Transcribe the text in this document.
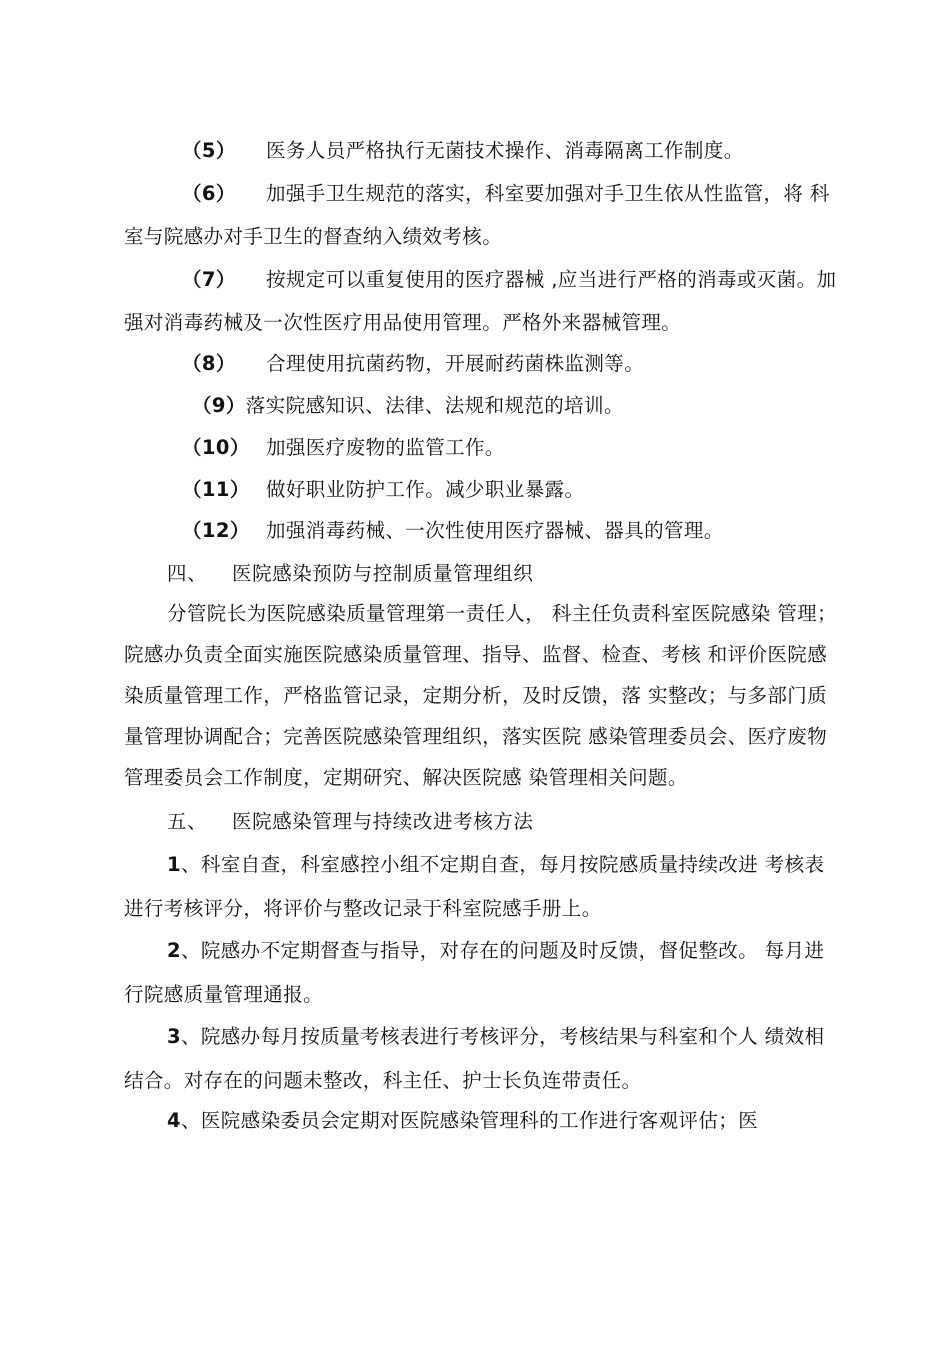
（5） 医务人员严格执行无菌技术操作、消毒隔离工作制度。
（6） 加强手卫生规范的落实，科室要加强对手卫生依从性监管，将 科
室与院感办对手卫生的督查纳入绩效考核。
（7） 按规定可以重复使用的医疗器械 ,应当进行严格的消毒或灭菌。加
强对消毒药械及一次性医疗用品使用管理。严格外来器械管理。
（8） 合理使用抗菌药物，开展耐药菌株监测等。
（9）落实院感知识、法律、法规和规范的培训。
（10） 加强医疗废物的监管工作。
（11） 做好职业防护工作。减少职业暴露。
（12） 加强消毒药械、一次性使用医疗器械、器具的管理。
四、 医院感染预防与控制质量管理组织
分管院长为医院感染质量管理第一责任人， 科主任负责科室医院感染 管理；
院感办负责全面实施医院感染质量管理、指导、监督、检查、考核 和评价医院感
染质量管理工作，严格监管记录，定期分析，及时反馈，落 实整改；与多部门质
量管理协调配合；完善医院感染管理组织，落实医院 感染管理委员会、医疗废物
管理委员会工作制度，定期研究、解决医院感 染管理相关问题。
五、 医院感染管理与持续改进考核方法
1、科室自查，科室感控小组不定期自查，每月按院感质量持续改进 考核表
进行考核评分，将评价与整改记录于科室院感手册上。
2、院感办不定期督查与指导，对存在的问题及时反馈，督促整改。 每月进
行院感质量管理通报。
3、院感办每月按质量考核表进行考核评分，考核结果与科室和个人 绩效相
结合。对存在的问题未整改，科主任、护士长负连带责任。
4、医院感染委员会定期对医院感染管理科的工作进行客观评估；医
